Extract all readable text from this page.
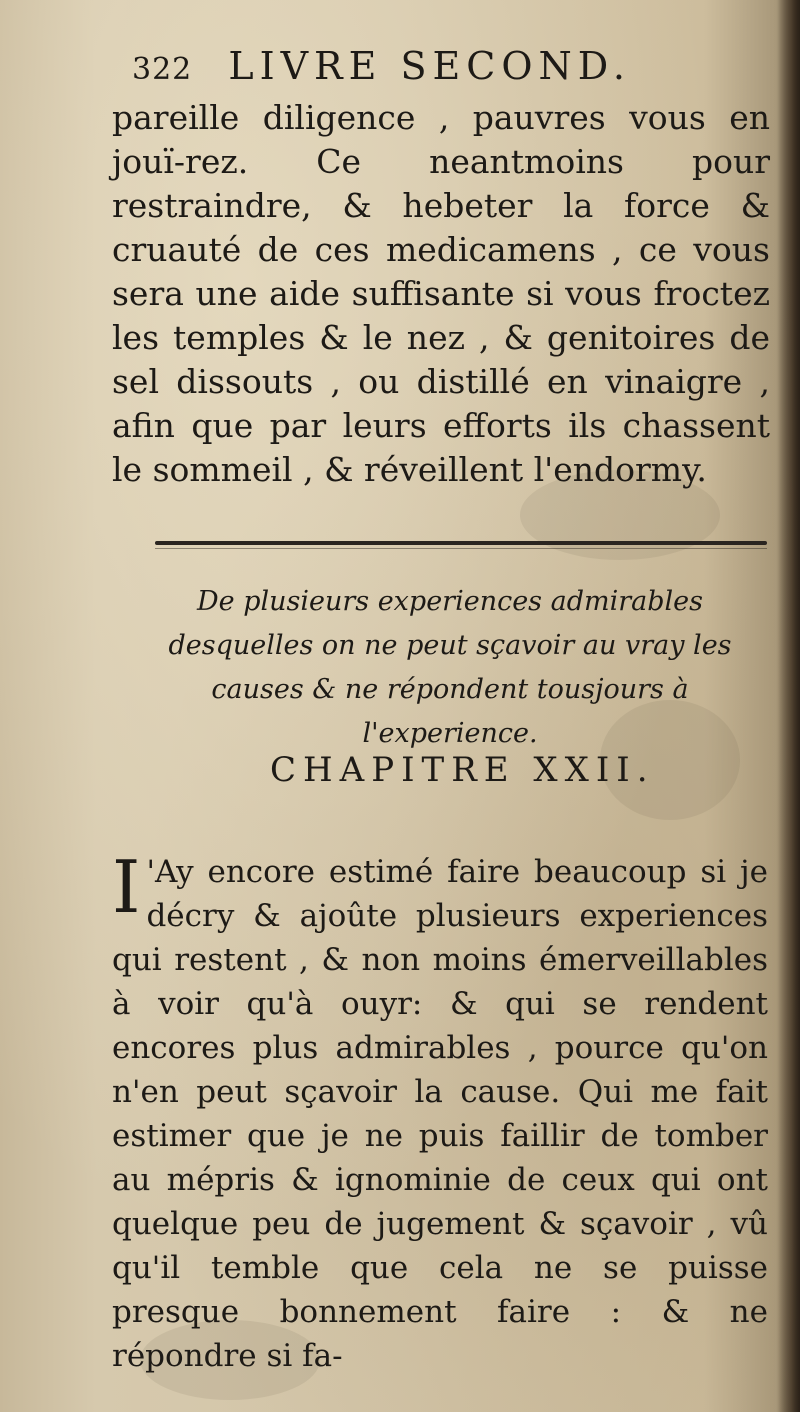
322 LIVRE SECOND.
pareille diligence , pauvres vous en jouï-rez. Ce neantmoins pour restraindre, & hebeter la force & cruauté de ces medicamens , ce vous sera une aide suffisante si vous froctez les temples & le nez , & genitoires de sel dissouts , ou distillé en vinaigre , afin que par leurs efforts ils chassent le sommeil , & réveillent l'endormy.
De plusieurs experiences admirables desquelles on ne peut sçavoir au vray les causes & ne répondent tousjours à l'experience.
CHAPITRE XXII.
I 'Ay encore estimé faire beaucoup si je décry & ajoûte plusieurs experiences qui restent , & non moins émerveillables à voir qu'à ouyr: & qui se rendent encores plus admirables , pource qu'on n'en peut sçavoir la cause. Qui me fait estimer que je ne puis faillir de tomber au mépris & ignominie de ceux qui ont quelque peu de jugement & sçavoir , vû qu'il temble que cela ne se puisse presque bonnement faire : & ne répondre si fa-
